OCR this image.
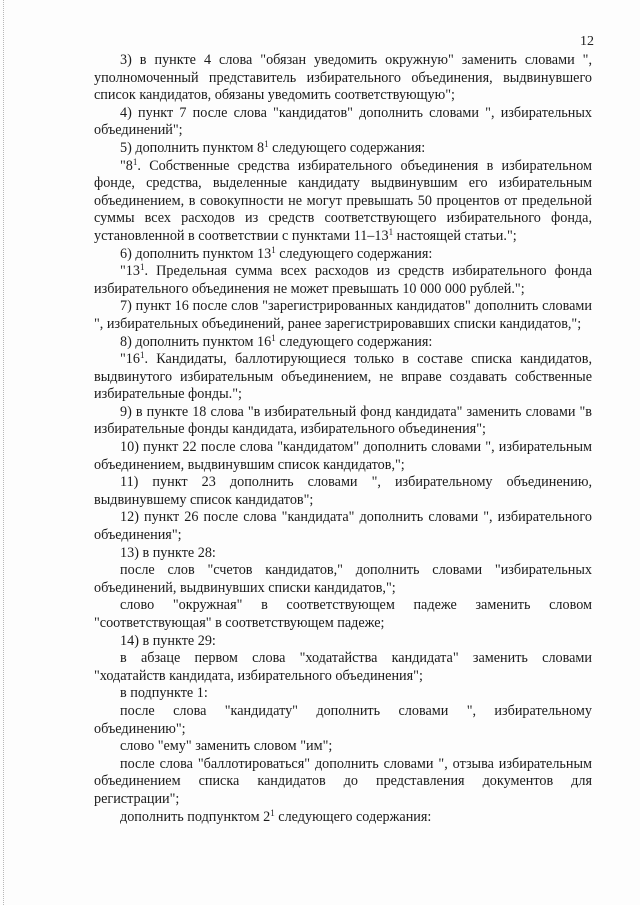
12

3) в пункте 4 слова "обязан уведомить окружную" заменить словами ", уполномоченный представитель избирательного объединения, выдвинувшего список кандидатов, обязаны уведомить соответствующую";

4) пункт 7 после слова "кандидатов" дополнить словами ", избирательных объединений";

5) дополнить пунктом $8^1$ следующего содержания:

"$8^1$. Собственные средства избирательного объединения в избирательном фонде, средства, выделенные кандидату выдвинувшим его избирательным объединением, в совокупности не могут превышать 50 процентов от предельной суммы всех расходов из средств соответствующего избирательного фонда, установленной в соответствии с пунктами $11-13^1$ настоящей статьи.";

6) дополнить пунктом $13^1$ следующего содержания:

"$13^1$. Предельная сумма всех расходов из средств избирательного фонда избирательного объединения не может превышать 10 000 000 рублей.";

7) пункт 16 после слов "зарегистрированных кандидатов" дополнить словами ", избирательных объединений, ранее зарегистрировавших списки кандидатов,";

8) дополнить пунктом $16^1$ следующего содержания:

"$16^1$. Кандидаты, баллотирующиеся только в составе списка кандидатов, выдвинутого избирательным объединением, не вправе создавать собственные избирательные фонды.";

9) в пункте 18 слова "в избирательный фонд кандидата" заменить словами "в избирательные фонды кандидата, избирательного объединения";

10) пункт 22 после слова "кандидатом" дополнить словами ", избирательным объединением, выдвинувшим список кандидатов,";

11) пункт 23 дополнить словами ", избирательному объединению, выдвинувшему список кандидатов";

12) пункт 26 после слова "кандидата" дополнить словами ", избирательного объединения";

13) в пункте 28:

после слов "счетов кандидатов," дополнить словами "избирательных объединений, выдвинувших списки кандидатов,";

слово "окружная" в соответствующем падеже заменить словом "соответствующая" в соответствующем падеже;

14) в пункте 29:

в абзаце первом слова "ходатайства кандидата" заменить словами "ходатайств кандидата, избирательного объединения";

в подпункте 1:

после слова "кандидату" дополнить словами ", избирательному объединению";

слово "ему" заменить словом "им";

после слова "баллотироваться" дополнить словами ", отзыва избирательным объединением списка кандидатов до представления документов для регистрации";

дополнить подпунктом $2^1$ следующего содержания:
